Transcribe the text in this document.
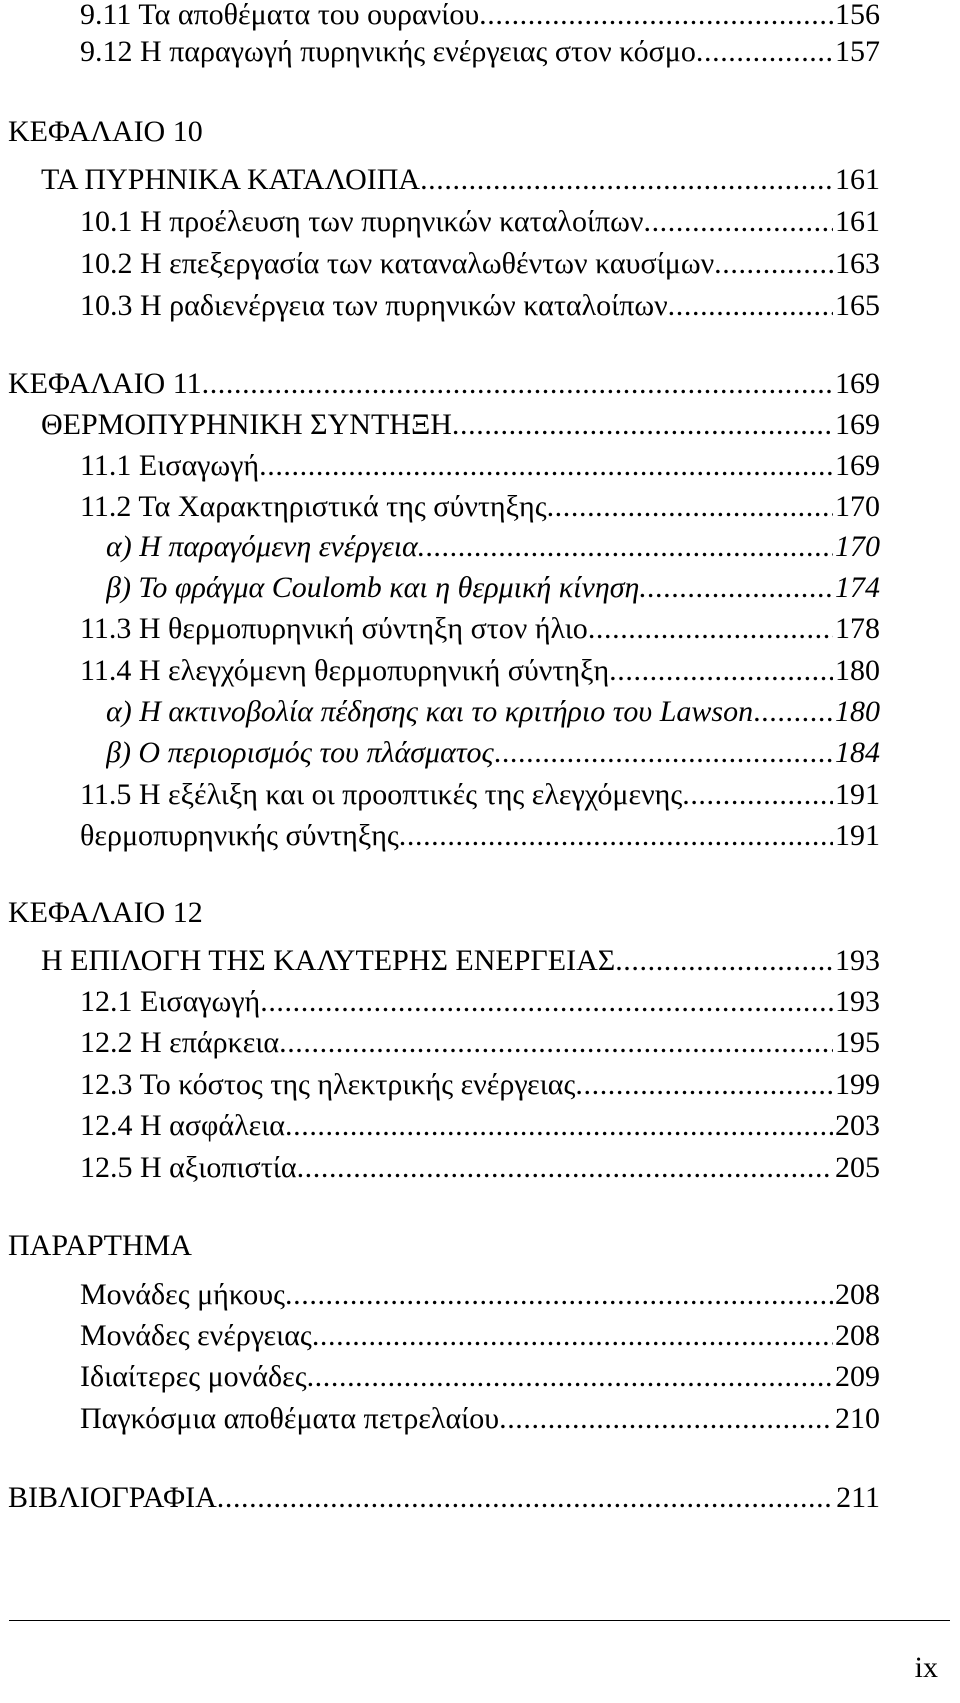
9.11 Τα αποθέματα του ουρανίου .....	156
9.12 Η παραγωγή πυρηνικής ενέργειας στον κόσμο .....	157
ΚΕΦΑΛΑΙΟ 10
ΤΑ ΠΥΡΗΝΙΚΑ ΚΑΤΑΛΟΙΠΑ .....	161
10.1 Η προέλευση των πυρηνικών καταλοίπων .....	161
10.2 Η επεξεργασία των καταναλωθέντων καυσίμων .....	163
10.3 Η ραδιενέργεια των πυρηνικών καταλοίπων .....	165
ΚΕΦΑΛΑΙΟ 11 .....	169
ΘΕΡΜΟΠΥΡΗΝΙΚΗ ΣΥΝΤΗΞΗ .....	169
11.1 Εισαγωγή .....	169
11.2 Τα Χαρακτηριστικά της σύντηξης .....	170
α) Η παραγόμενη ενέργεια. .....	170
β) Το φράγμα Coulomb και η θερμική κίνηση. .....	174
11.3 Η θερμοπυρηνική σύντηξη στον ήλιο .....	178
11.4 Η ελεγχόμενη θερμοπυρηνική σύντηξη .....	180
α) Η ακτινοβολία πέδησης και το κριτήριο του Lawson .....	180
β) Ο περιορισμός του πλάσματος .....	184
11.5 Η εξέλιξη και οι προοπτικές της ελεγχόμενης .....	191
θερμοπυρηνικής σύντηξης .....	191
ΚΕΦΑΛΑΙΟ 12
Η ΕΠΙΛΟΓΗ ΤΗΣ ΚΑΛΥΤΕΡΗΣ ΕΝΕΡΓΕΙΑΣ .....	193
12.1 Εισαγωγή .....	193
12.2 Η επάρκεια .....	195
12.3 Το κόστος της ηλεκτρικής ενέργειας .....	199
12.4 Η ασφάλεια .....	203
12.5 Η αξιοπιστία .....	205
ΠΑΡΑΡΤΗΜΑ
Μονάδες μήκους .....	208
Μονάδες ενέργειας .....	208
Ιδιαίτερες μονάδες .....	209
Παγκόσμια αποθέματα πετρελαίου .....	210
ΒΙΒΛΙΟΓΡΑΦΙΑ .....	211
ix
